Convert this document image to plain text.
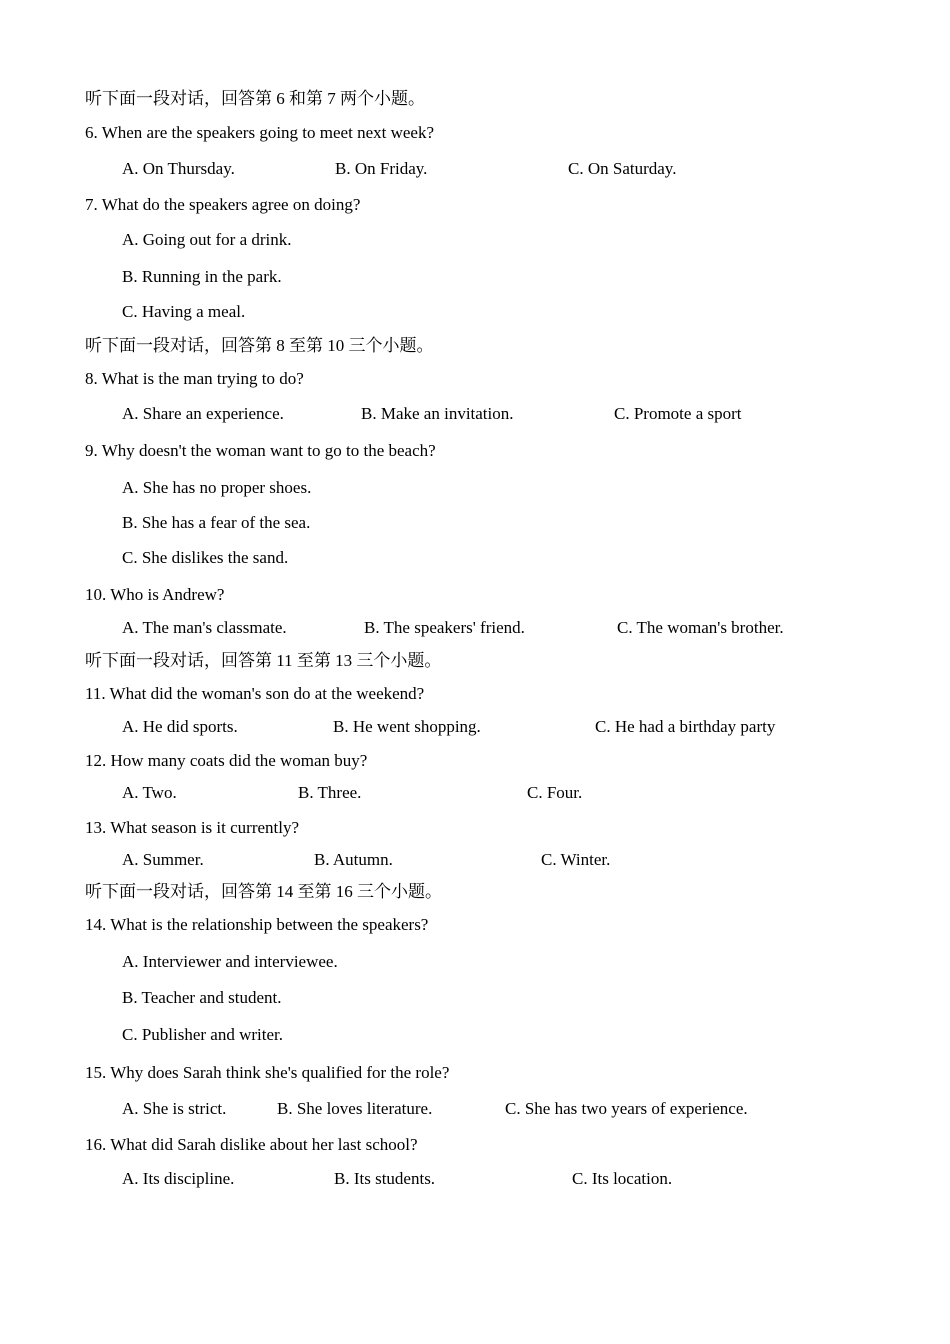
听下面一段对话，回答第 6 和第 7 两个小题。
6. When are the speakers going to meet next week?
A. On Thursday.	B. On Friday.	C. On Saturday.
7. What do the speakers agree on doing?
A. Going out for a drink.
B. Running in the park.
C. Having a meal.
听下面一段对话，回答第 8 至第 10 三个小题。
8. What is the man trying to do?
A. Share an experience.	B. Make an invitation.	C. Promote a sport
9. Why doesn't the woman want to go to the beach?
A. She has no proper shoes.
B. She has a fear of the sea.
C. She dislikes the sand.
10. Who is Andrew?
A. The man's classmate.	B. The speakers' friend.	C. The woman's brother.
听下面一段对话，回答第 11 至第 13 三个小题。
11. What did the woman's son do at the weekend?
A. He did sports.	B. He went shopping.	C. He had a birthday party
12. How many coats did the woman buy?
A. Two.	B. Three.	C. Four.
13. What season is it currently?
A. Summer.	B. Autumn.	C. Winter.
听下面一段对话，回答第 14 至第 16 三个小题。
14. What is the relationship between the speakers?
A. Interviewer and interviewee.
B. Teacher and student.
C. Publisher and writer.
15. Why does Sarah think she's qualified for the role?
A. She is strict.	B. She loves literature.	C. She has two years of experience.
16. What did Sarah dislike about her last school?
A. Its discipline.	B. Its students.	C. Its location.
